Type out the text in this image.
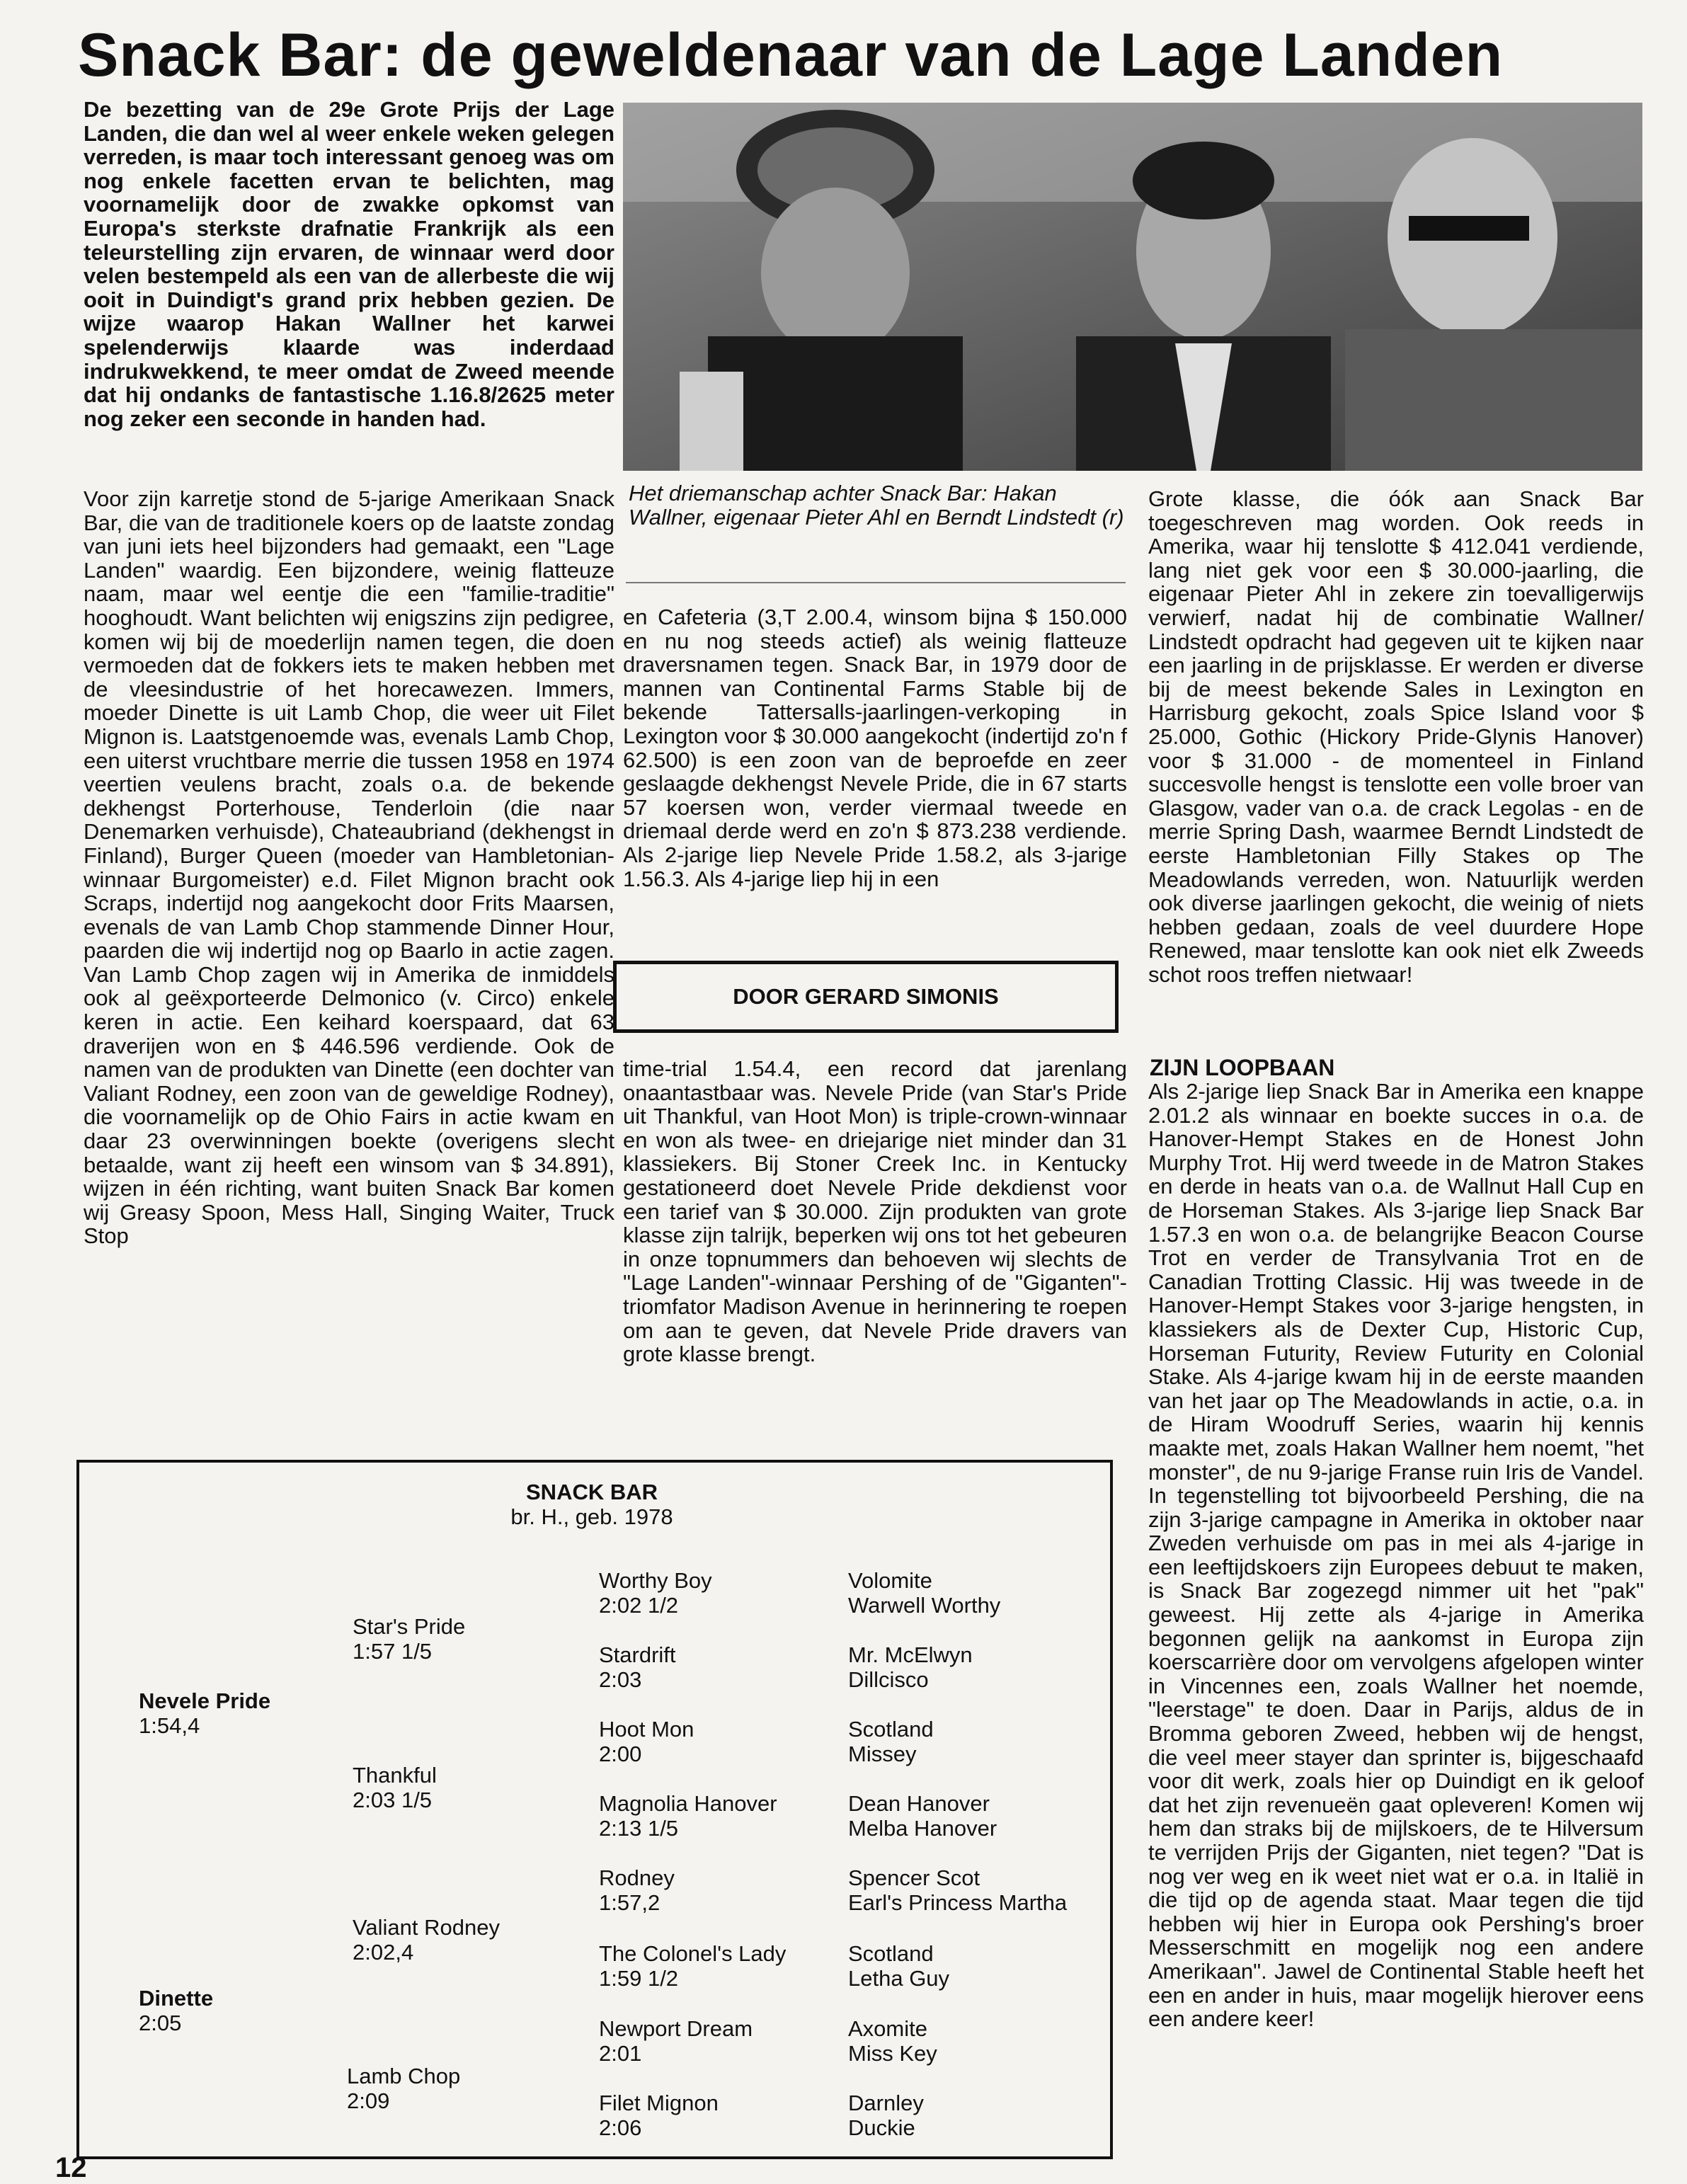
Snack Bar: de geweldenaar van de Lage Landen
De bezetting van de 29e Grote Prijs der Lage Landen, die dan wel al weer enkele weken gelegen verreden, is maar toch interessant genoeg was om nog enkele facetten ervan te belichten, mag voornamelijk door de zwakke opkomst van Europa's sterkste drafnatie Frankrijk als een teleurstelling zijn ervaren, de winnaar werd door velen bestempeld als een van de allerbeste die wij ooit in Duindigt's grand prix hebben gezien. De wijze waarop Hakan Wallner het karwei spelenderwijs klaarde was inderdaad indrukwekkend, te meer omdat de Zweed meende dat hij ondanks de fantastische 1.16.8/2625 meter nog zeker een seconde in handen had.
Het driemanschap achter Snack Bar: Hakan Wallner, eigenaar Pieter Ahl en Berndt Lindstedt (r)
Voor zijn karretje stond de 5-jarige Amerikaan Snack Bar, die van de traditionele koers op de laatste zondag van juni iets heel bijzonders had gemaakt, een "Lage Landen" waardig. Een bijzondere, weinig flatteuze naam, maar wel eentje die een "familie-traditie" hooghoudt. Want belichten wij enigszins zijn pedigree, komen wij bij de moederlijn namen tegen, die doen vermoeden dat de fokkers iets te maken hebben met de vleesindustrie of het horecawezen. Immers, moeder Dinette is uit Lamb Chop, die weer uit Filet Mignon is. Laatstgenoemde was, evenals Lamb Chop, een uiterst vruchtbare merrie die tussen 1958 en 1974 veertien veulens bracht, zoals o.a. de bekende dekhengst Porterhouse, Tenderloin (die naar Denemarken verhuisde), Chateaubriand (dekhengst in Finland), Burger Queen (moeder van Hambletonian-winnaar Burgomeister) e.d. Filet Mignon bracht ook Scraps, indertijd nog aangekocht door Frits Maarsen, evenals de van Lamb Chop stammende Dinner Hour, paarden die wij indertijd nog op Baarlo in actie zagen. Van Lamb Chop zagen wij in Amerika de inmiddels ook al geëxporteerde Delmonico (v. Circo) enkele keren in actie. Een keihard koerspaard, dat 63 draverijen won en $ 446.596 verdiende. Ook de namen van de produkten van Dinette (een dochter van Valiant Rodney, een zoon van de geweldige Rodney), die voornamelijk op de Ohio Fairs in actie kwam en daar 23 overwinningen boekte (overigens slecht betaalde, want zij heeft een winsom van $ 34.891), wijzen in één richting, want buiten Snack Bar komen wij Greasy Spoon, Mess Hall, Singing Waiter, Truck Stop
en Cafeteria (3,T 2.00.4, winsom bijna $ 150.000 en nu nog steeds actief) als weinig flatteuze draversnamen tegen. Snack Bar, in 1979 door de mannen van Continental Farms Stable bij de bekende Tattersalls-jaarlingen-verkoping in Lexington voor $ 30.000 aangekocht (indertijd zo'n f 62.500) is een zoon van de beproefde en zeer geslaagde dekhengst Nevele Pride, die in 67 starts 57 koersen won, verder viermaal tweede en driemaal derde werd en zo'n $ 873.238 verdiende. Als 2-jarige liep Nevele Pride 1.58.2, als 3-jarige 1.56.3. Als 4-jarige liep hij in een
DOOR GERARD SIMONIS
time-trial 1.54.4, een record dat jarenlang onaantastbaar was. Nevele Pride (van Star's Pride uit Thankful, van Hoot Mon) is triple-crown-winnaar en won als twee- en driejarige niet minder dan 31 klassiekers. Bij Stoner Creek Inc. in Kentucky gestationeerd doet Nevele Pride dekdienst voor een tarief van $ 30.000. Zijn produkten van grote klasse zijn talrijk, beperken wij ons tot het gebeuren in onze topnummers dan behoeven wij slechts de "Lage Landen"-winnaar Pershing of de "Giganten"-triomfator Madison Avenue in herinnering te roepen om aan te geven, dat Nevele Pride dravers van grote klasse brengt.
Grote klasse, die óók aan Snack Bar toegeschreven mag worden. Ook reeds in Amerika, waar hij tenslotte $ 412.041 verdiende, lang niet gek voor een $ 30.000-jaarling, die eigenaar Pieter Ahl in zekere zin toevalligerwijs verwierf, nadat hij de combinatie Wallner/ Lindstedt opdracht had gegeven uit te kijken naar een jaarling in de prijsklasse. Er werden er diverse bij de meest bekende Sales in Lexington en Harrisburg gekocht, zoals Spice Island voor $ 25.000, Gothic (Hickory Pride-Glynis Hanover) voor $ 31.000 - de momenteel in Finland succesvolle hengst is tenslotte een volle broer van Glasgow, vader van o.a. de crack Legolas - en de merrie Spring Dash, waarmee Berndt Lindstedt de eerste Hambletonian Filly Stakes op The Meadowlands verreden, won. Natuurlijk werden ook diverse jaarlingen gekocht, die weinig of niets hebben gedaan, zoals de veel duurdere Hope Renewed, maar tenslotte kan ook niet elk Zweeds schot roos treffen nietwaar!
ZIJN LOOPBAAN
Als 2-jarige liep Snack Bar in Amerika een knappe 2.01.2 als winnaar en boekte succes in o.a. de Hanover-Hempt Stakes en de Honest John Murphy Trot. Hij werd tweede in de Matron Stakes en derde in heats van o.a. de Wallnut Hall Cup en de Horseman Stakes. Als 3-jarige liep Snack Bar 1.57.3 en won o.a. de belangrijke Beacon Course Trot en verder de Transylvania Trot en de Canadian Trotting Classic. Hij was tweede in de Hanover-Hempt Stakes voor 3-jarige hengsten, in klassiekers als de Dexter Cup, Historic Cup, Horseman Futurity, Review Futurity en Colonial Stake. Als 4-jarige kwam hij in de eerste maanden van het jaar op The Meadowlands in actie, o.a. in de Hiram Woodruff Series, waarin hij kennis maakte met, zoals Hakan Wallner hem noemt, "het monster", de nu 9-jarige Franse ruin Iris de Vandel. In tegenstelling tot bijvoorbeeld Pershing, die na zijn 3-jarige campagne in Amerika in oktober naar Zweden verhuisde om pas in mei als 4-jarige in een leeftijdskoers zijn Europees debuut te maken, is Snack Bar zogezegd nimmer uit het "pak" geweest. Hij zette als 4-jarige in Amerika begonnen gelijk na aankomst in Europa zijn koerscarrière door om vervolgens afgelopen winter in Vincennes een, zoals Wallner het noemde, "leerstage" te doen. Daar in Parijs, aldus de in Bromma geboren Zweed, hebben wij de hengst, die veel meer stayer dan sprinter is, bijgeschaafd voor dit werk, zoals hier op Duindigt en ik geloof dat het zijn revenueën gaat opleveren! Komen wij hem dan straks bij de mijlskoers, de te Hilversum te verrijden Prijs der Giganten, niet tegen? "Dat is nog ver weg en ik weet niet wat er o.a. in Italië in die tijd op de agenda staat. Maar tegen die tijd hebben wij hier in Europa ook Pershing's broer Messerschmitt en mogelijk nog een andere Amerikaan". Jawel de Continental Stable heeft het een en ander in huis, maar mogelijk hierover eens een andere keer!
SNACK BAR
br. H., geb. 1978
Nevele Pride
1:54,4
Dinette
2:05
Star's Pride
1:57 1/5
Thankful
2:03 1/5
Valiant Rodney
2:02,4
Lamb Chop
2:09
Worthy Boy
2:02 1/2
Stardrift
2:03
Hoot Mon
2:00
Magnolia Hanover
2:13 1/5
Rodney
1:57,2
The Colonel's Lady
1:59 1/2
Newport Dream
2:01
Filet Mignon
2:06
Volomite
Warwell Worthy
Mr. McElwyn
Dillcisco
Scotland
Missey
Dean Hanover
Melba Hanover
Spencer Scot
Earl's Princess Martha
Scotland
Letha Guy
Axomite
Miss Key
Darnley
Duckie
12
